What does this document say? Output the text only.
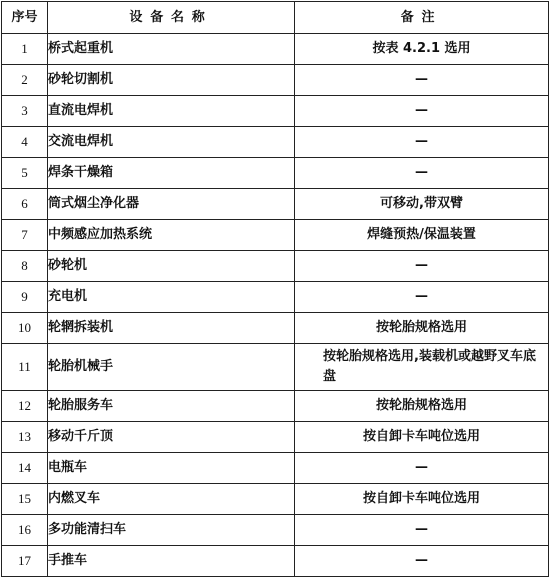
序号	设备名称	备注
1	桥式起重机	按表 4.2.1 选用
2	砂轮切割机	—
3	直流电焊机	—
4	交流电焊机	—
5	焊条干燥箱	—
6	筒式烟尘净化器	可移动,带双臂
7	中频感应加热系统	焊缝预热/保温装置
8	砂轮机	—
9	充电机	—
10	轮辋拆装机	按轮胎规格选用
11	轮胎机械手	按轮胎规格选用,装载机或越野叉车底盘
12	轮胎服务车	按轮胎规格选用
13	移动千斤顶	按自卸卡车吨位选用
14	电瓶车	—
15	内燃叉车	按自卸卡车吨位选用
16	多功能清扫车	—
17	手推车	—
